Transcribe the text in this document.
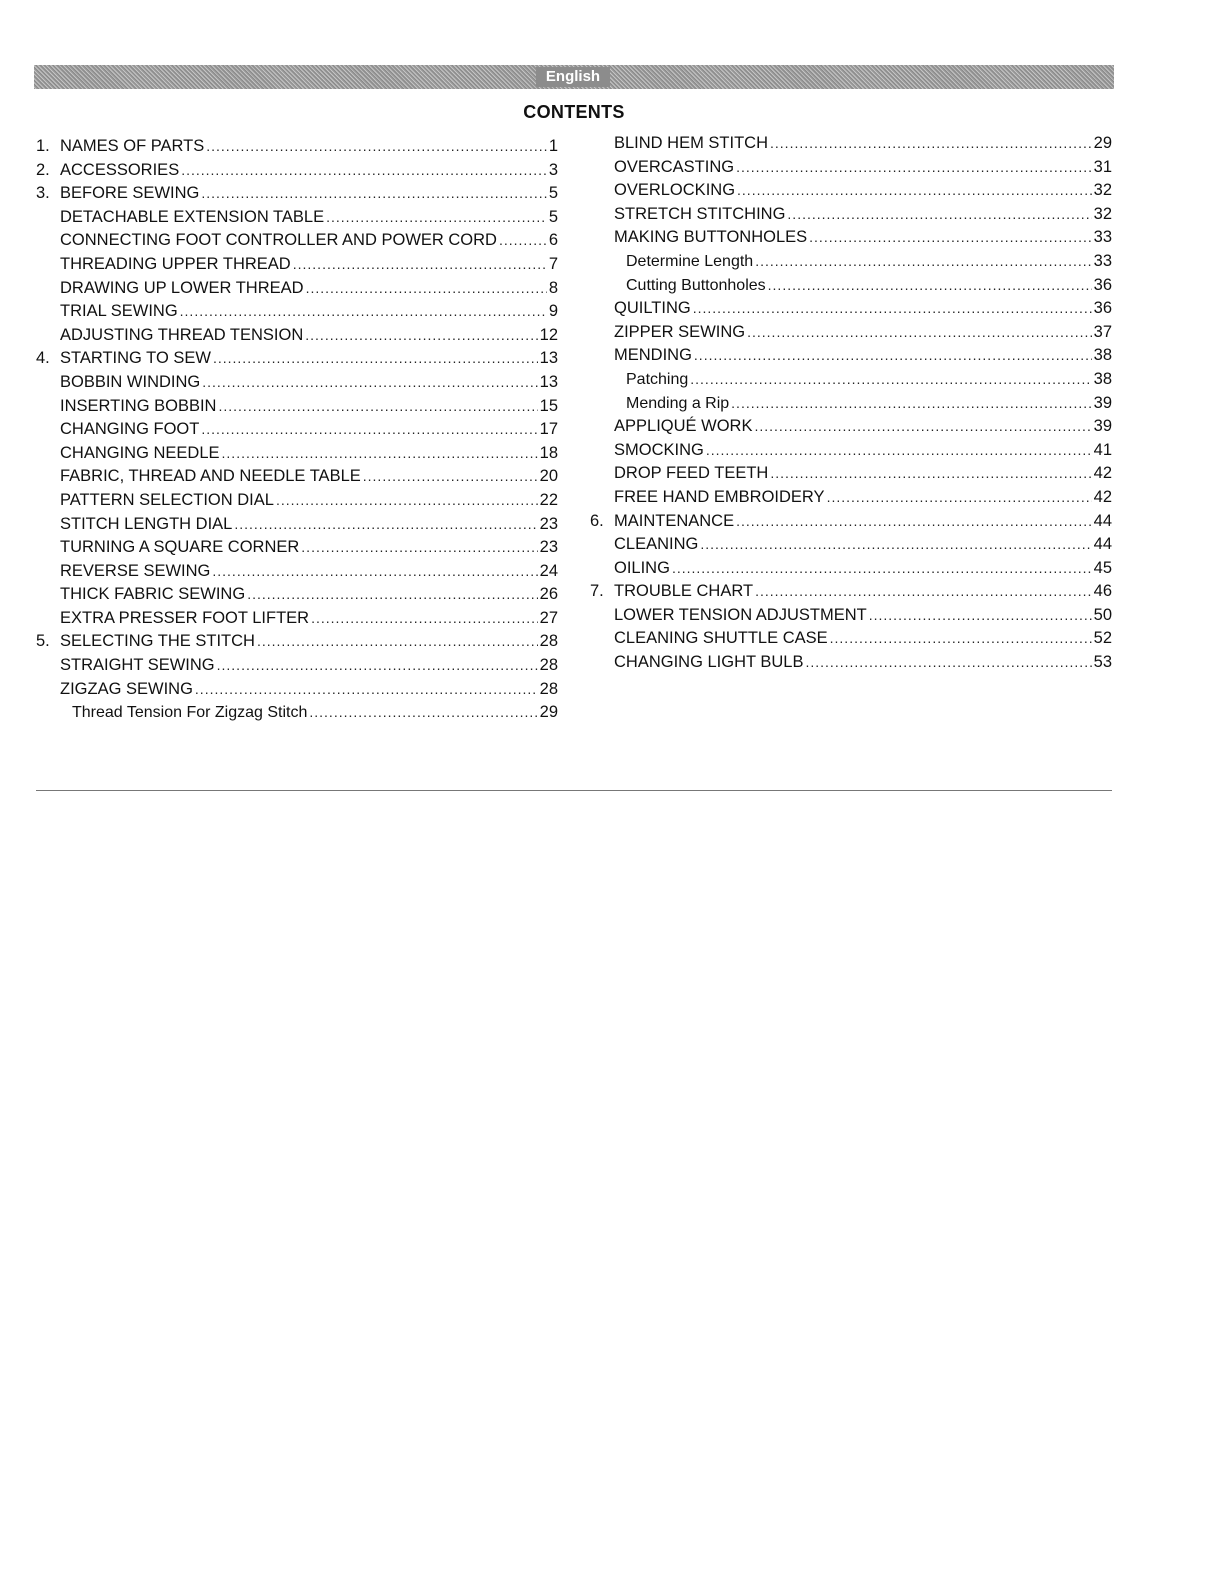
English
CONTENTS
1. NAMES OF PARTS .....	1
2. ACCESSORIES .....	3
3. BEFORE SEWING .....	5
DETACHABLE EXTENSION TABLE .....	5
CONNECTING FOOT CONTROLLER AND POWER CORD .....	6
THREADING UPPER THREAD .....	7
DRAWING UP LOWER THREAD .....	8
TRIAL SEWING .....	9
ADJUSTING THREAD TENSION .....	12
4. STARTING TO SEW .....	13
BOBBIN WINDING .....	13
INSERTING BOBBIN .....	15
CHANGING FOOT .....	17
CHANGING NEEDLE .....	18
FABRIC, THREAD AND NEEDLE TABLE .....	20
PATTERN SELECTION DIAL .....	22
STITCH LENGTH DIAL .....	23
TURNING A SQUARE CORNER .....	23
REVERSE SEWING .....	24
THICK FABRIC SEWING .....	26
EXTRA PRESSER FOOT LIFTER .....	27
5. SELECTING THE STITCH .....	28
STRAIGHT SEWING .....	28
ZIGZAG SEWING .....	28
Thread Tension For Zigzag Stitch .....	29
BLIND HEM STITCH .....	29
OVERCASTING .....	31
OVERLOCKING .....	32
STRETCH STITCHING .....	32
MAKING BUTTONHOLES .....	33
Determine Length .....	33
Cutting Buttonholes .....	36
QUILTING .....	36
ZIPPER SEWING .....	37
MENDING .....	38
Patching .....	38
Mending a Rip .....	39
APPLIQUÉ WORK .....	39
SMOCKING .....	41
DROP FEED TEETH .....	42
FREE HAND EMBROIDERY .....	42
6. MAINTENANCE .....	44
CLEANING .....	44
OILING .....	45
7. TROUBLE CHART .....	46
LOWER TENSION ADJUSTMENT .....	50
CLEANING SHUTTLE CASE .....	52
CHANGING LIGHT BULB .....	53
